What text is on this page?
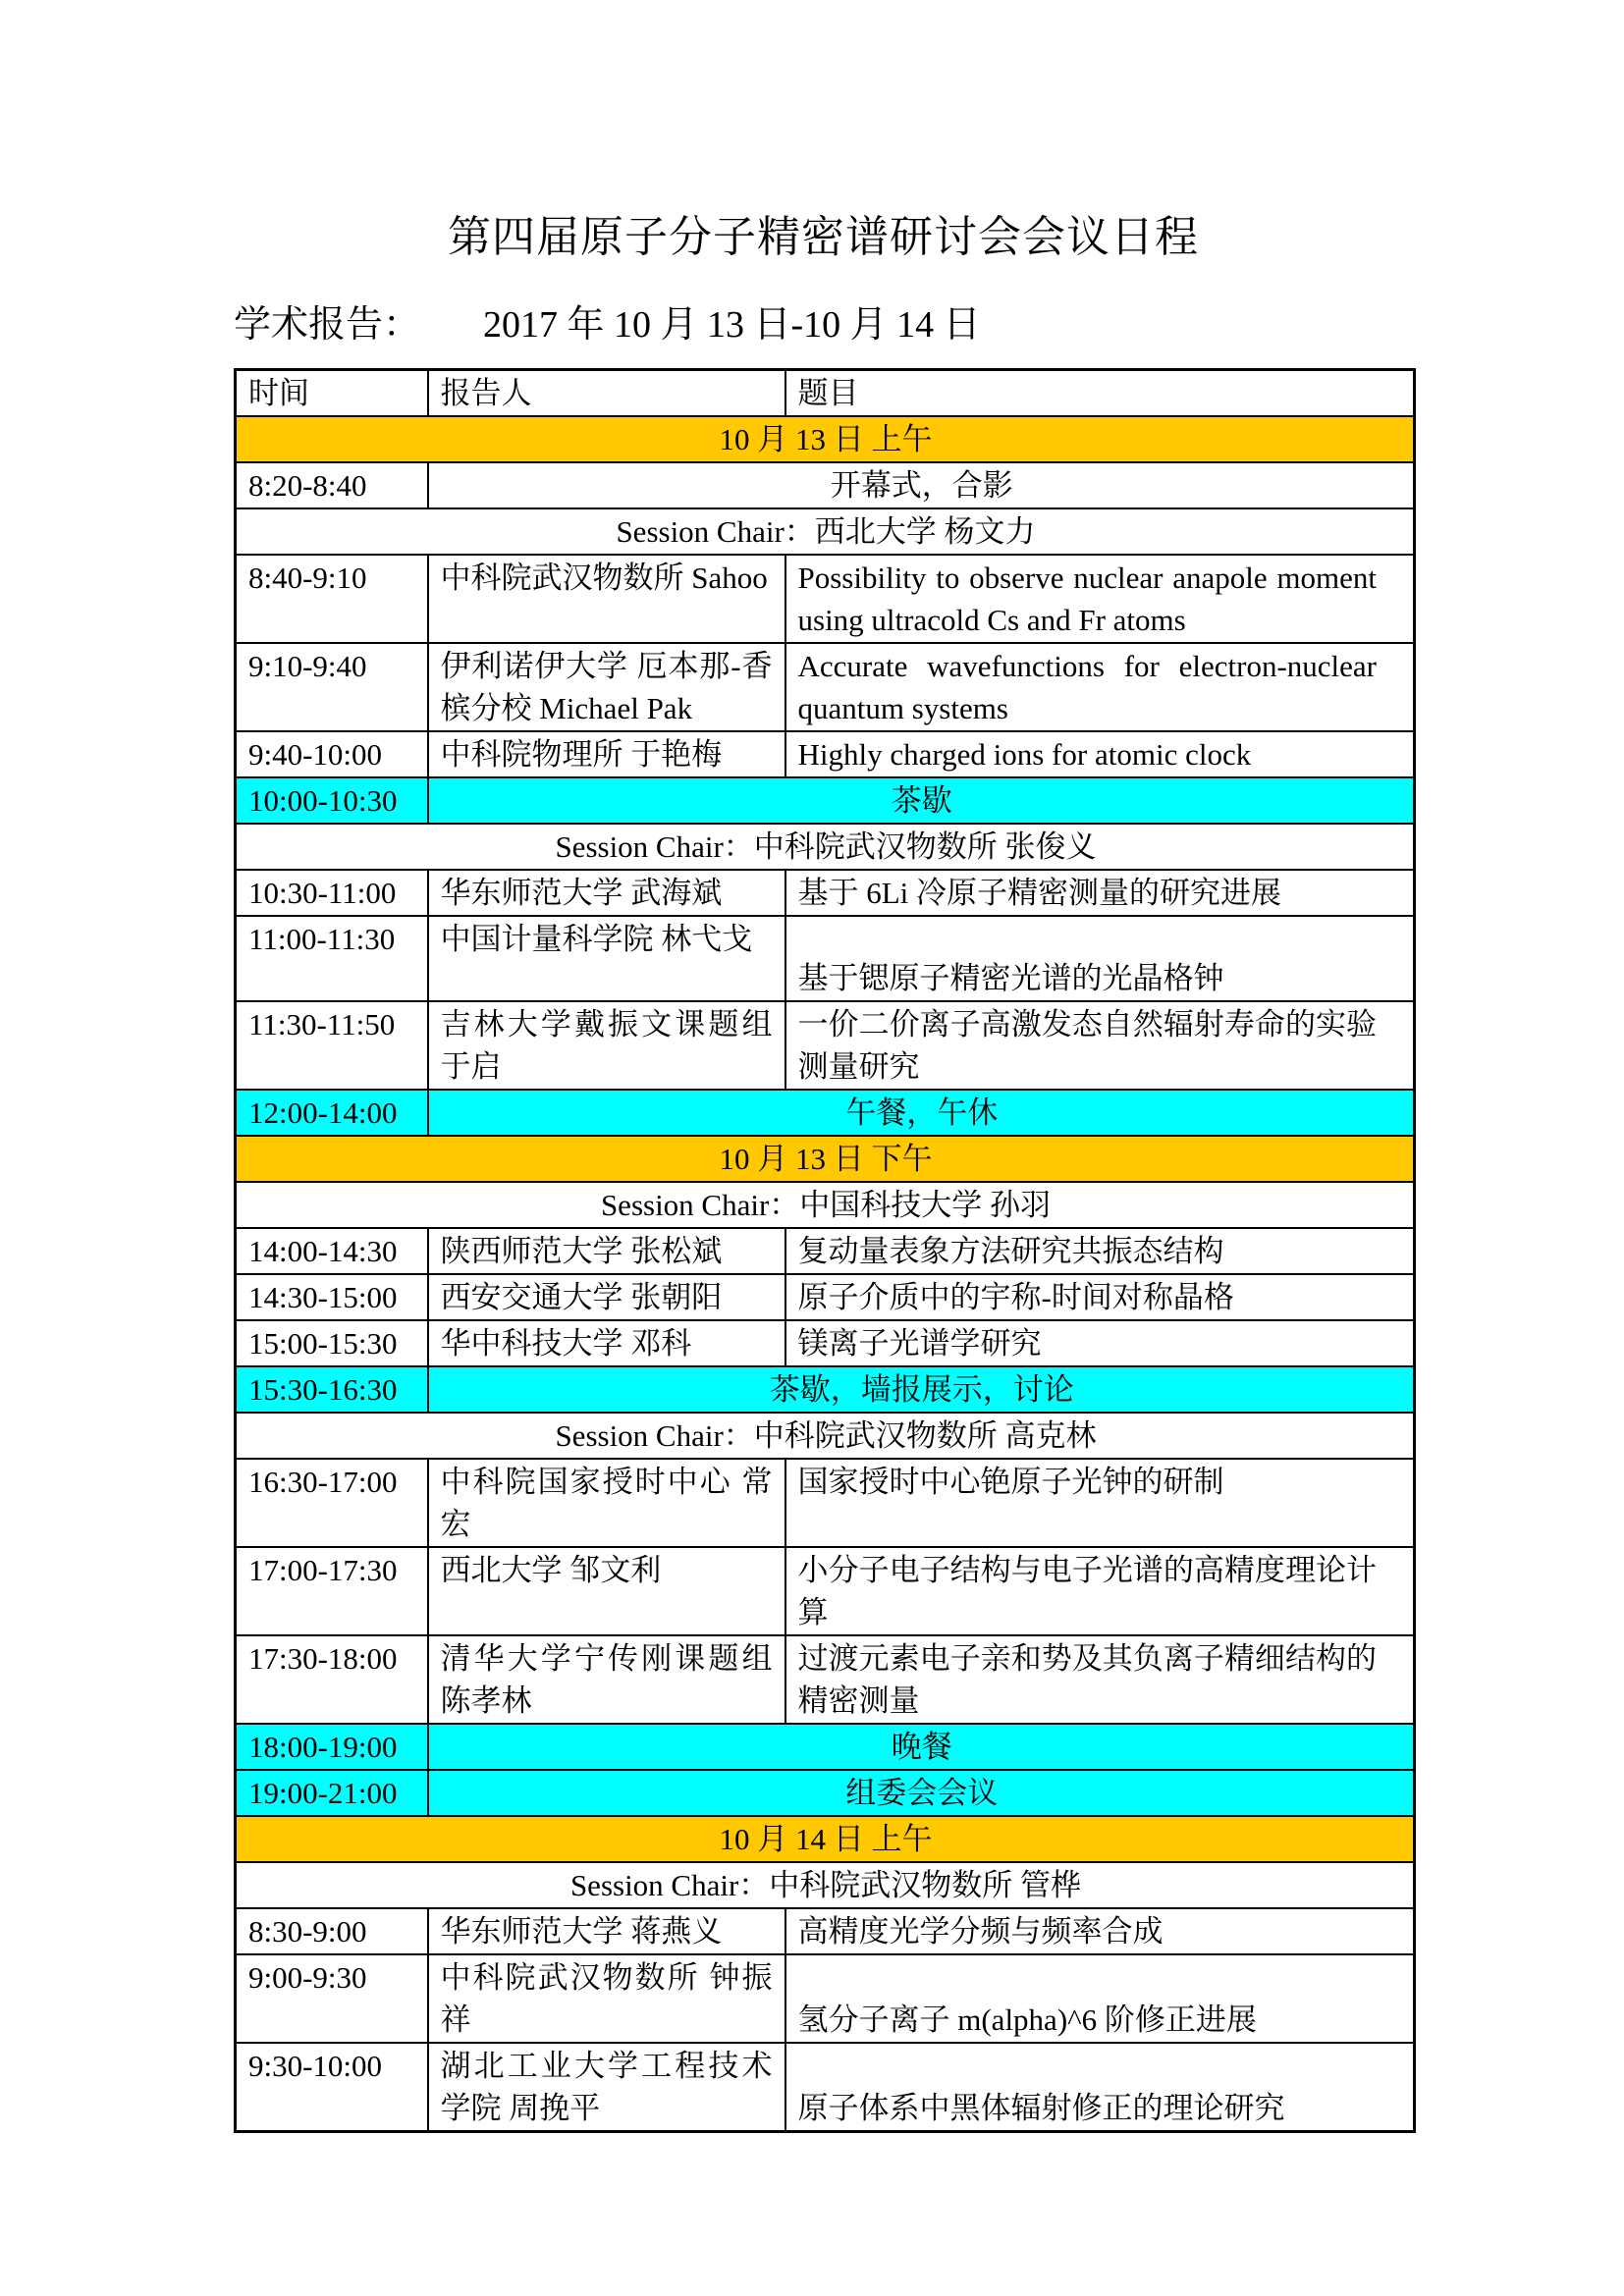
第四届原子分子精密谱研讨会会议日程
学术报告： 2017 年 10 月 13 日-10 月 14 日
时间	报告人	题目
10 月 13 日 上午		
8:20-8:40	开幕式，合影	
Session Chair：西北大学 杨文力		
8:40-9:10	中科院武汉物数所 Sahoo	Possibility to observe nuclear anapole moment using ultracold Cs and Fr atoms
9:10-9:40	伊利诺伊大学 厄本那-香槟分校 Michael Pak	Accurate wavefunctions for electron-nuclear quantum systems
9:40-10:00	中科院物理所 于艳梅	Highly charged ions for atomic clock
10:00-10:30	茶歇	
Session Chair：中科院武汉物数所 张俊义		
10:30-11:00	华东师范大学 武海斌	基于 6Li 冷原子精密测量的研究进展
11:00-11:30	中国计量科学院 林弋戈	基于锶原子精密光谱的光晶格钟
11:30-11:50	吉林大学戴振文课题组 于启	一价二价离子高激发态自然辐射寿命的实验测量研究
12:00-14:00	午餐，午休	
10 月 13 日 下午		
Session Chair：中国科技大学 孙羽		
14:00-14:30	陕西师范大学 张松斌	复动量表象方法研究共振态结构
14:30-15:00	西安交通大学 张朝阳	原子介质中的宇称-时间对称晶格
15:00-15:30	华中科技大学 邓科	镁离子光谱学研究
15:30-16:30	茶歇，墙报展示，讨论	
Session Chair：中科院武汉物数所 高克林		
16:30-17:00	中科院国家授时中心 常宏	国家授时中心铯原子光钟的研制
17:00-17:30	西北大学 邹文利	小分子电子结构与电子光谱的高精度理论计算
17:30-18:00	清华大学宁传刚课题组 陈孝林	过渡元素电子亲和势及其负离子精细结构的精密测量
18:00-19:00	晚餐	
19:00-21:00	组委会会议	
10 月 14 日 上午		
Session Chair：中科院武汉物数所 管桦		
8:30-9:00	华东师范大学 蒋燕义	高精度光学分频与频率合成
9:00-9:30	中科院武汉物数所 钟振祥	氢分子离子 m(alpha)^6 阶修正进展
9:30-10:00	湖北工业大学工程技术学院 周挽平	原子体系中黑体辐射修正的理论研究
